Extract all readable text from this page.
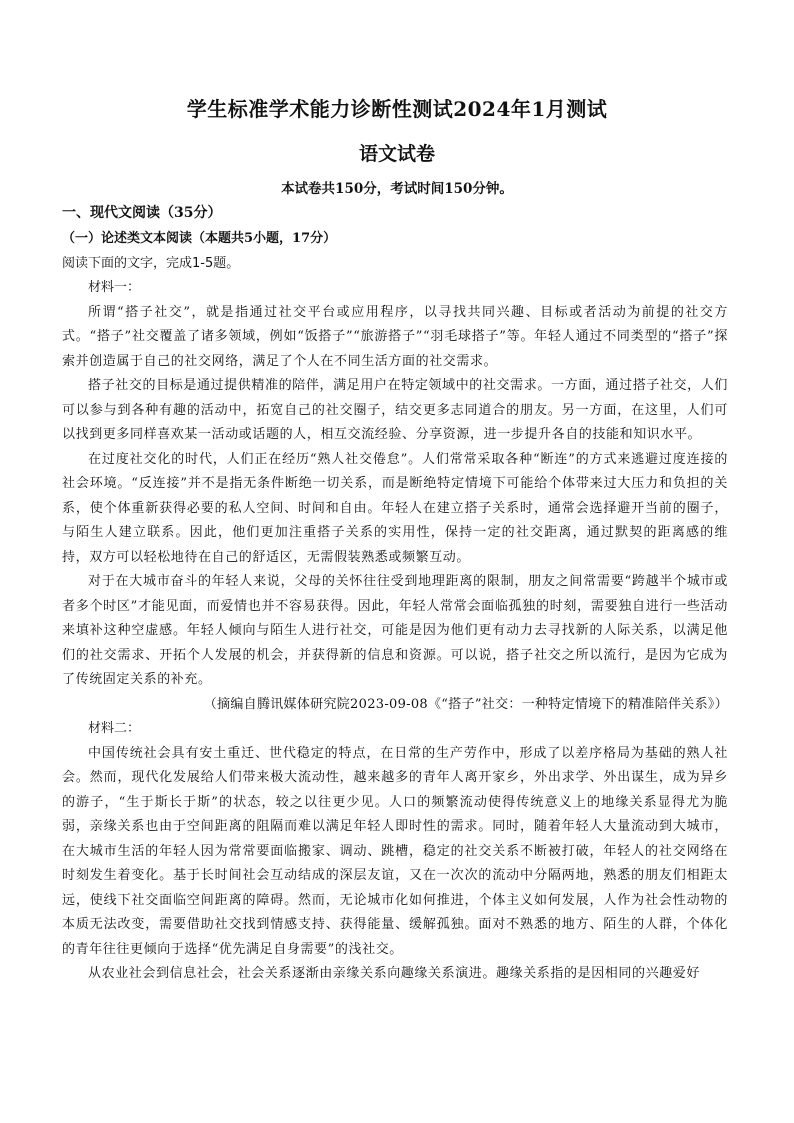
学生标准学术能力诊断性测试2024年1月测试
语文试卷
本试卷共150分，考试时间150分钟。

一、现代文阅读（35分）

（一）论述类文本阅读（本题共5小题，17分）

阅读下面的文字，完成1-5题。

材料一：

所谓“搭子社交”，就是指通过社交平台或应用程序，以寻找共同兴趣、目标或者活动为前提的社交方式。“搭子”社交覆盖了诸多领域，例如“饭搭子”“旅游搭子”“羽毛球搭子”等。年轻人通过不同类型的“搭子”探索并创造属于自己的社交网络，满足了个人在不同生活方面的社交需求。

搭子社交的目标是通过提供精准的陪伴，满足用户在特定领域中的社交需求。一方面，通过搭子社交，人们可以参与到各种有趣的活动中，拓宽自己的社交圈子，结交更多志同道合的朋友。另一方面，在这里，人们可以找到更多同样喜欢某一活动或话题的人，相互交流经验、分享资源，进一步提升各自的技能和知识水平。

在过度社交化的时代，人们正在经历“熟人社交倦怠”。人们常常采取各种“断连”的方式来逃避过度连接的社会环境。“反连接”并不是指无条件断绝一切关系，而是断绝特定情境下可能给个体带来过大压力和负担的关系，使个体重新获得必要的私人空间、时间和自由。年轻人在建立搭子关系时，通常会选择避开当前的圈子，与陌生人建立联系。因此，他们更加注重搭子关系的实用性，保持一定的社交距离，通过默契的距离感的维持，双方可以轻松地待在自己的舒适区，无需假装熟悉或频繁互动。

对于在大城市奋斗的年轻人来说，父母的关怀往往受到地理距离的限制，朋友之间常需要“跨越半个城市或者多个时区”才能见面，而爱情也并不容易获得。因此，年轻人常常会面临孤独的时刻，需要独自进行一些活动来填补这种空虚感。年轻人倾向与陌生人进行社交，可能是因为他们更有动力去寻找新的人际关系，以满足他们的社交需求、开拓个人发展的机会，并获得新的信息和资源。可以说，搭子社交之所以流行，是因为它成为了传统固定关系的补充。

（摘编自腾讯媒体研究院2023-09-08《“搭子”社交：一种特定情境下的精准陪伴关系》）

材料二：

中国传统社会具有安土重迁、世代稳定的特点，在日常的生产劳作中，形成了以差序格局为基础的熟人社会。然而，现代化发展给人们带来极大流动性，越来越多的青年人离开家乡，外出求学、外出谋生，成为异乡的游子，“生于斯长于斯”的状态，较之以往更少见。人口的频繁流动使得传统意义上的地缘关系显得尤为脆弱，亲缘关系也由于空间距离的阻隔而难以满足年轻人即时性的需求。同时，随着年轻人大量流动到大城市，在大城市生活的年轻人因为常常要面临搬家、调动、跳槽，稳定的社交关系不断被打破，年轻人的社交网络在时刻发生着变化。基于长时间社会互动结成的深层友谊，又在一次次的流动中分隔两地，熟悉的朋友们相距太远，使线下社交面临空间距离的障碍。然而，无论城市化如何推进，个体主义如何发展，人作为社会性动物的本质无法改变，需要借助社交找到情感支持、获得能量、缓解孤独。面对不熟悉的地方、陌生的人群，个体化的青年往往更倾向于选择“优先满足自身需要”的浅社交。

从农业社会到信息社会，社会关系逐渐由亲缘关系向趣缘关系演进。趣缘关系指的是因相同的兴趣爱好
